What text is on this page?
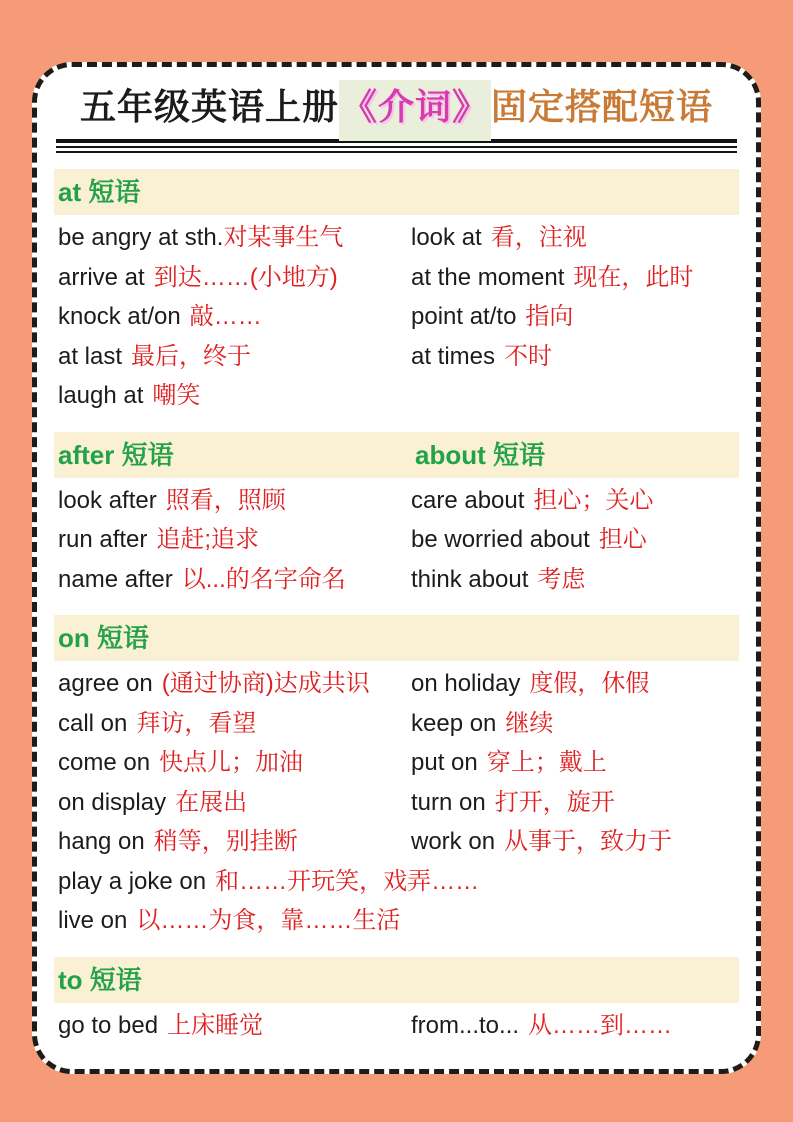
五年级英语上册《介词》固定搭配短语
at 短语
be angry at sth.对某事生气	look at 看，注视
arrive at 到达……(小地方)	at the moment 现在，此时
knock at/on 敲……	point at/to 指向
at last 最后，终于	at times 不时
laugh at 嘲笑
after 短语	about 短语
look after 照看，照顾	care about 担心；关心
run after 追赶;追求	be worried about 担心
name after 以...的名字命名	think about 考虑
on 短语
agree on (通过协商)达成共识	on holiday 度假，休假
call on 拜访，看望	keep on 继续
come on 快点儿；加油	put on 穿上；戴上
on display 在展出	turn on 打开，旋开
hang on 稍等，别挂断	work on 从事于，致力于
play a joke on 和……开玩笑，戏弄……
live on 以……为食，靠……生活
to 短语
go to bed 上床睡觉	from...to... 从……到……
